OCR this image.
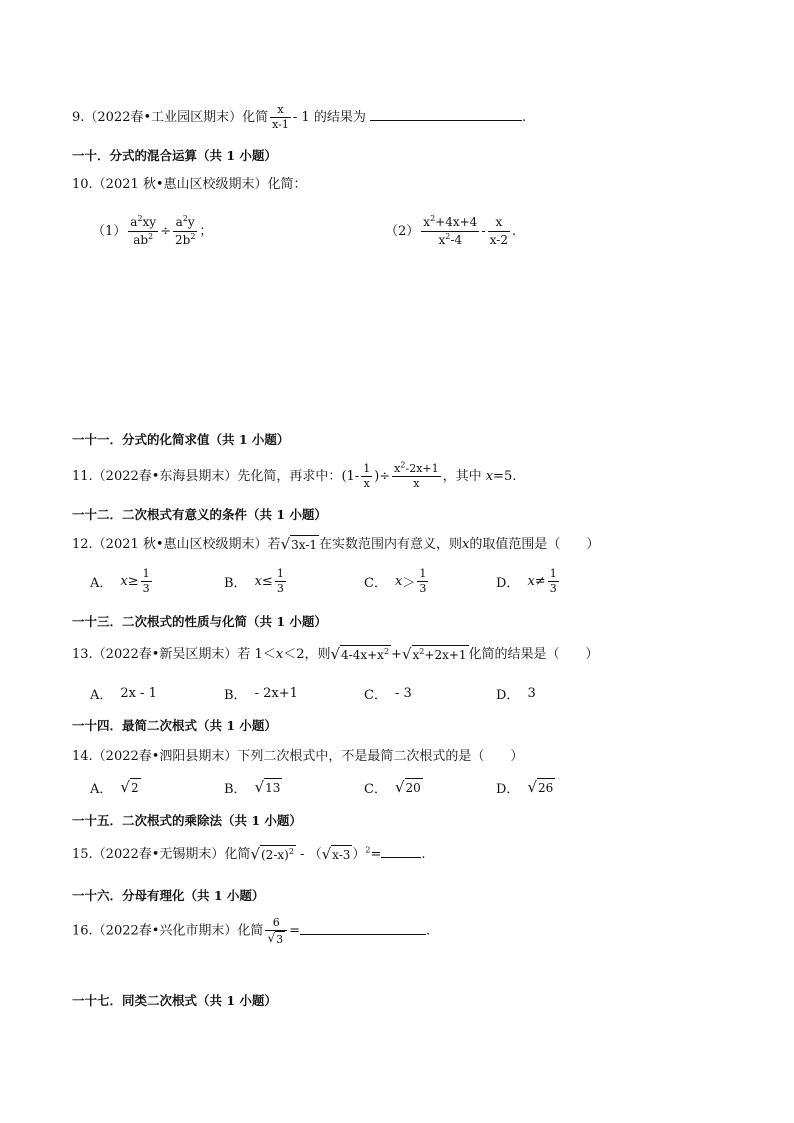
9.（2022春•工业园区期末）化简 $\frac{x}{x-1} - 1$ 的结果为	.
一十．分式的混合运算（共 1 小题）
10.（2021 秋•惠山区校级期末）化简：
$(1) \frac{a^2xy}{ab^2} \div \frac{a^2y}{2b^2}$ ；	$(2) \frac{x^2+4x+4}{x^2-4} - \frac{x}{x-2}$ .
一十一．分式的化简求值（共 1 小题）
11.（2022春•东海县期末）先化简，再求中：($1- \frac{1}{x}$ )÷ $\frac{x^2-2x+1}{x}$ ，其中 x=5.
一十二．二次根式有意义的条件（共 1 小题）
12.（2021 秋•惠山区校级期末）若 √ 3x-1 在实数范围内有意义，则x的取值范围是（　　）
A． $x \ge \frac{1}{3}$	B． $x \le \frac{1}{3}$	C． $x > \frac{1}{3}$	D． $x \ne \frac{1}{3}$
一十三．二次根式的性质与化简（共 1 小题）
13.（2022春•新吴区期末）若 1＜x＜2，则 √ $4-4x+x^2$ + √ $x^2+2x+1$ 化简的结果是（　　）
A． 2x - 1	B． - 2x+1	C． - 3	D． 3
一十四．最简二次根式（共 1 小题）
14.（2022春•泗阳县期末）下列二次根式中，不是最简二次根式的是（　　）
A． √ 2	B． √ 13	C． √ 20	D． √ 26
一十五．二次根式的乘除法（共 1 小题）
15.（2022春•无锡期末）化简 √ $(2-x)^2$ - （ √ x-3 ）$^2$=	.
一十六．分母有理化（共 1 小题）
16.（2022春•兴化市期末）化简 $\frac{6}{√ 3}$ =	.
一十七．同类二次根式（共 1 小题）
